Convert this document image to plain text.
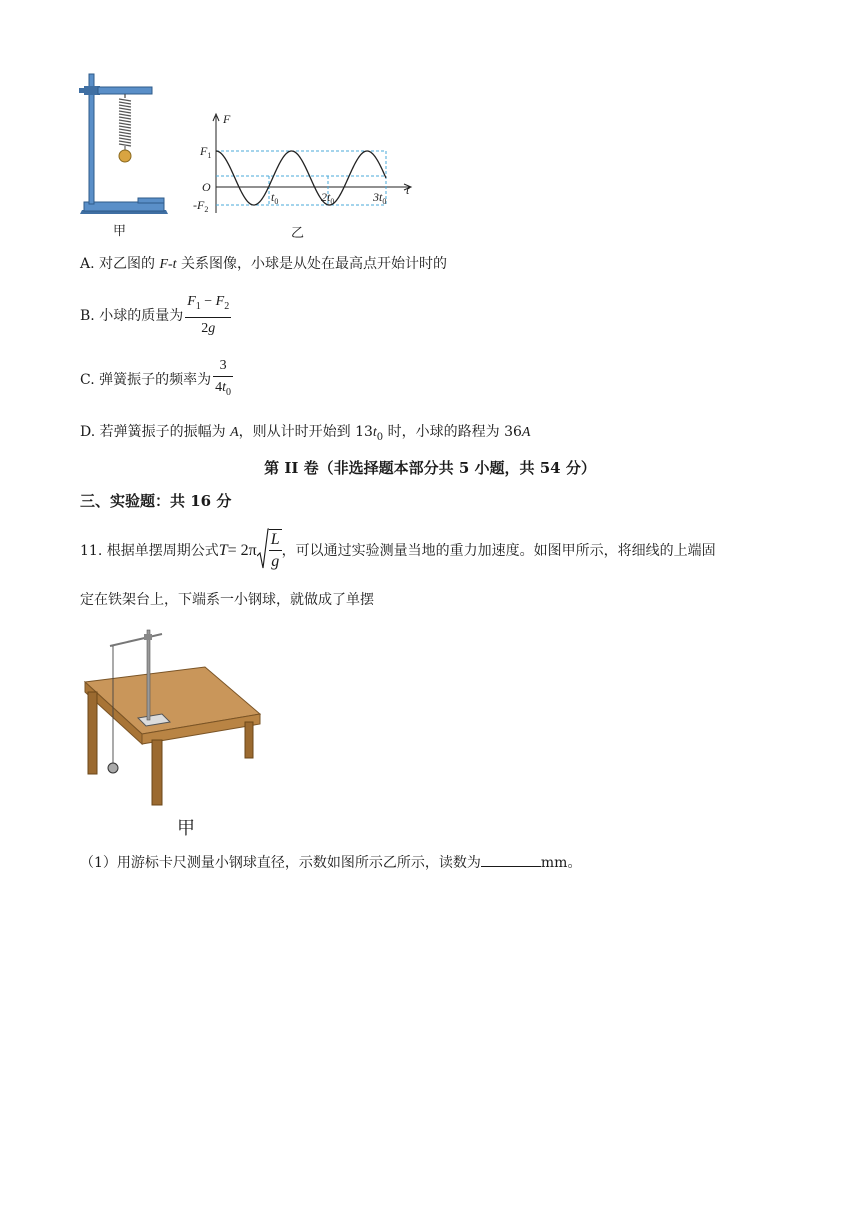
甲
F
t
O
$F_1$
$-F_2$
$t_0$	$2t_0$	$3t_0$
乙
A. 对乙图的 F-t 关系图像，小球是从处在最高点开始计时的
B. 小球的质量为 $\frac{F_1 - F_2}{2g}$
C. 弹簧振子的频率为 $\frac{3}{4t_0}$
D. 若弹簧振子的振幅为 A，则从计时开始到 $13t_0$ 时，小球的路程为 36A
第 II 卷（非选择题本部分共 5 小题，共 54 分）
三、实验题：共 16 分
11. 根据单摆周期公式 $T = 2\pi \frac{L}{g}$ ，可以通过实验测量当地的重力加速度。如图甲所示，将细线的上端固
定在铁架台上，下端系一小钢球，就做成了单摆
甲
（1）用游标卡尺测量小钢球直径，示数如图所示乙所示，读数为	mm。
